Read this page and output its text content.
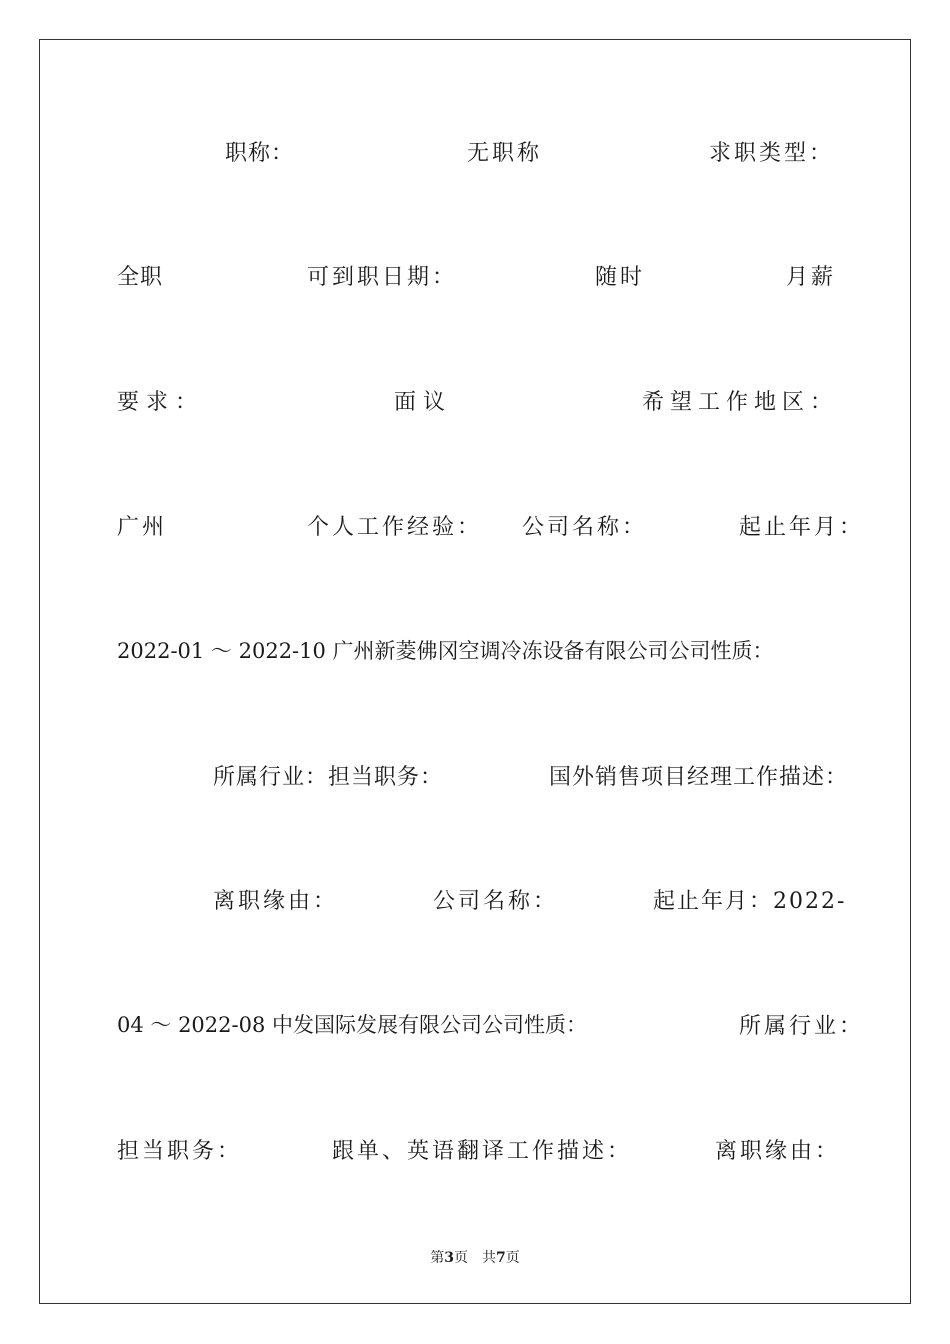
职称：	无职称	求职类型：
全职	可到职日期：	随时	月薪
要求：	面议	希望工作地区：
广州	个人工作经验： 公司名称：	起止年月：
2022-01 ～ 2022-10 广州新菱佛冈空调冷冻设备有限公司公司性质：
所属行业：担当职务：	国外销售项目经理工作描述：
离职缘由：	公司名称：	起止年月：2022-
04 ～ 2022-08 中发国际发展有限公司公司性质：	所属行业：
担当职务：	跟单、英语翻译工作描述：	离职缘由：
第3页　共7页
